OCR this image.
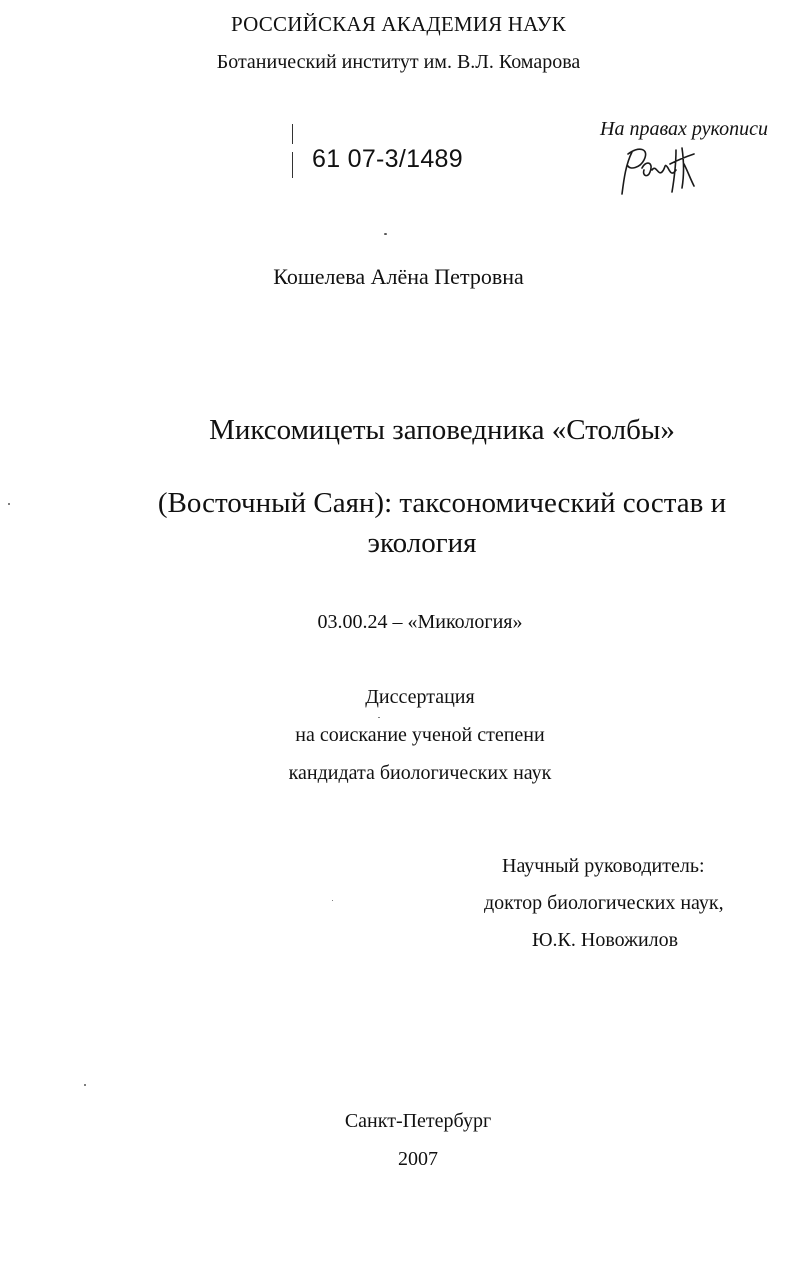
РОССИЙСКАЯ АКАДЕМИЯ НАУК
Ботанический институт им. В.Л. Комарова
61 07-3/1489
На правах рукописи
Кошелева Алёна Петровна
Миксомицеты заповедника «Столбы»
(Восточный Саян): таксономический состав и
экология
03.00.24 – «Микология»
Диссертация
на соискание ученой степени
кандидата биологических наук
Научный руководитель:
доктор биологических наук,
Ю.К. Новожилов
Санкт-Петербург
2007
